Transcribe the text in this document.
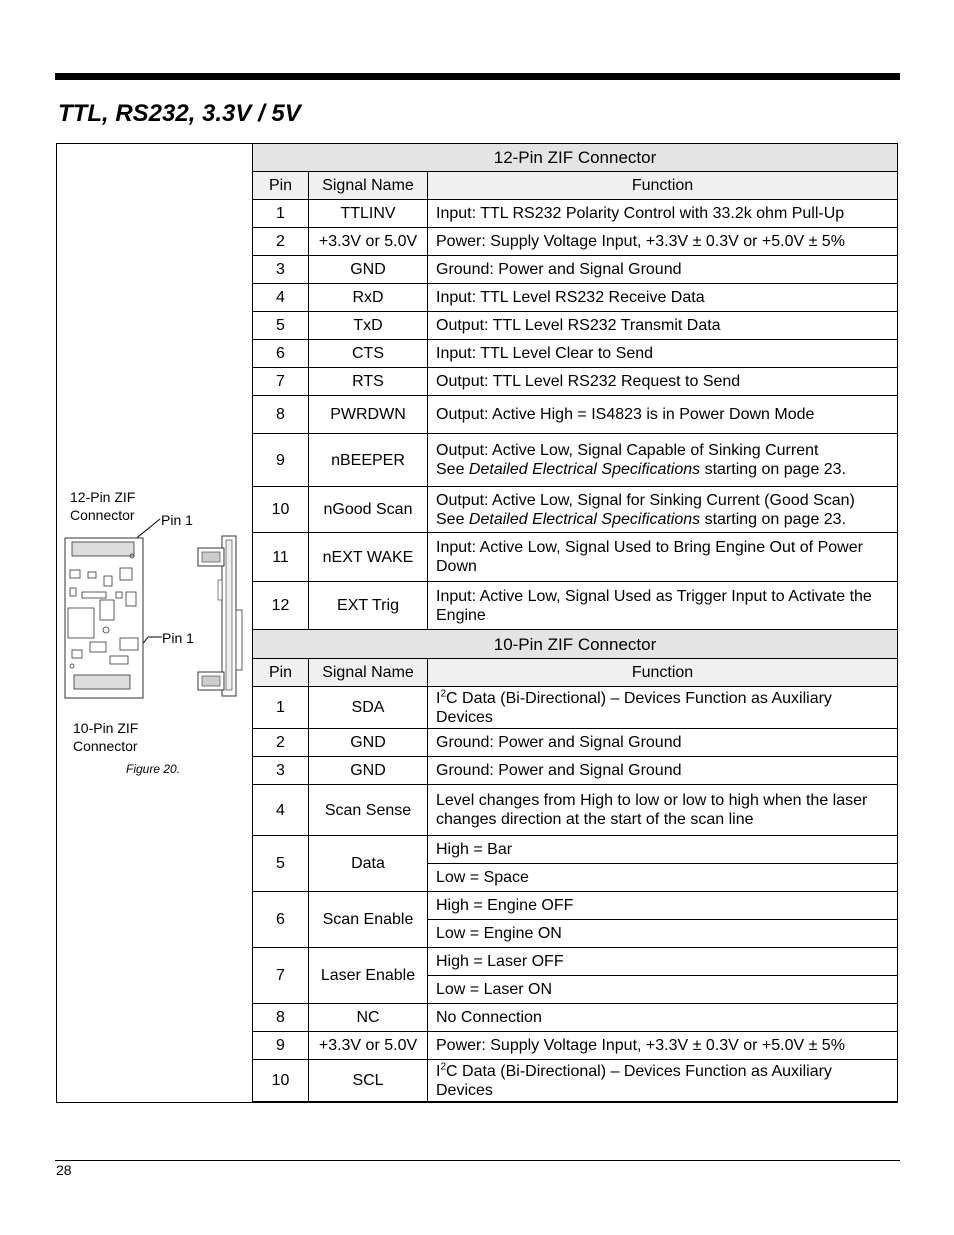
TTL, RS232, 3.3V / 5V
12-Pin ZIF
Connector Pin 1
Pin 1
10-Pin ZIF
Connector
Figure 20.
12-Pin ZIF Connector		
Pin	Signal Name	Function
1	TTLINV	Input: TTL RS232 Polarity Control with 33.2k ohm Pull-Up
2	+3.3V or 5.0V	Power: Supply Voltage Input, +3.3V ± 0.3V or +5.0V ± 5%
3	GND	Ground: Power and Signal Ground
4	RxD	Input: TTL Level RS232 Receive Data
5	TxD	Output: TTL Level RS232 Transmit Data
6	CTS	Input: TTL Level Clear to Send
7	RTS	Output: TTL Level RS232 Request to Send
8	PWRDWN	Output: Active High = IS4823 is in Power Down Mode
9	nBEEPER	Output: Active Low, Signal Capable of Sinking Current
See Detailed Electrical Specifications starting on page 23.
10	nGood Scan	Output: Active Low, Signal for Sinking Current (Good Scan)
See Detailed Electrical Specifications starting on page 23.
11	nEXT WAKE	Input: Active Low, Signal Used to Bring Engine Out of Power Down
12	EXT Trig	Input: Active Low, Signal Used as Trigger Input to Activate the Engine
10-Pin ZIF Connector		
Pin	Signal Name	Function
1	SDA	$I^2C$ Data (Bi-Directional) – Devices Function as Auxiliary Devices
2	GND	Ground: Power and Signal Ground
3	GND	Ground: Power and Signal Ground
4	Scan Sense	Level changes from High to low or low to high when the laser changes direction at the start of the scan line
5	Data	High = Bar
		Low = Space
6	Scan Enable	High = Engine OFF
		Low = Engine ON
7	Laser Enable	High = Laser OFF
		Low = Laser ON
8	NC	No Connection
9	+3.3V or 5.0V	Power: Supply Voltage Input, +3.3V ± 0.3V or +5.0V ± 5%
10	SCL	$I^2C$ Data (Bi-Directional) – Devices Function as Auxiliary Devices
28
